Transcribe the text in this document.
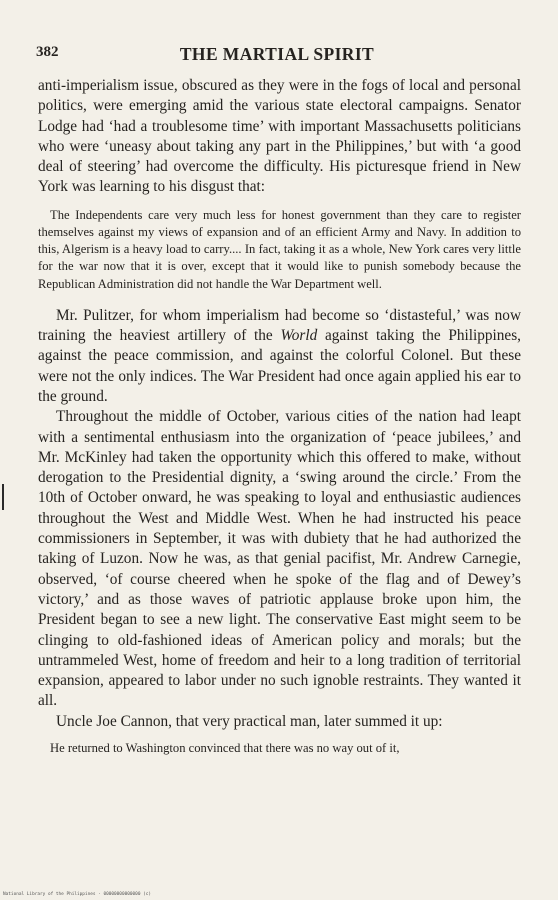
382	THE MARTIAL SPIRIT

anti-imperialism issue, obscured as they were in the fogs of local and personal politics, were emerging amid the various state electoral campaigns. Senator Lodge had ‘had a troublesome time’ with important Massachusetts politicians who were ‘uneasy about taking any part in the Philippines,’ but with ‘a good deal of steering’ had overcome the difficulty. His picturesque friend in New York was learning to his disgust that:

The Independents care very much less for honest government than they care to register themselves against my views of expansion and of an efficient Army and Navy. In addition to this, Algerism is a heavy load to carry.... In fact, taking it as a whole, New York cares very little for the war now that it is over, except that it would like to punish somebody because the Republican Administration did not handle the War Department well.

Mr. Pulitzer, for whom imperialism had become so ‘distasteful,’ was now training the heaviest artillery of the World against taking the Philippines, against the peace commission, and against the colorful Colonel. But these were not the only indices. The War President had once again applied his ear to the ground.

Throughout the middle of October, various cities of the nation had leapt with a sentimental enthusiasm into the organization of ‘peace jubilees,’ and Mr. McKinley had taken the opportunity which this offered to make, without derogation to the Presidential dignity, a ‘swing around the circle.’ From the 10th of October onward, he was speaking to loyal and enthusiastic audiences throughout the West and Middle West. When he had instructed his peace commissioners in September, it was with dubiety that he had authorized the taking of Luzon. Now he was, as that genial pacifist, Mr. Andrew Carnegie, observed, ‘of course cheered when he spoke of the flag and of Dewey’s victory,’ and as those waves of patriotic applause broke upon him, the President began to see a new light. The conservative East might seem to be clinging to old-fashioned ideas of American policy and morals; but the untrammeled West, home of freedom and heir to a long tradition of territorial expansion, appeared to labor under no such ignoble restraints. They wanted it all.

Uncle Joe Cannon, that very practical man, later summed it up:

He returned to Washington convinced that there was no way out of it,

National Library of the Philippines · 00000000000000 (c)
